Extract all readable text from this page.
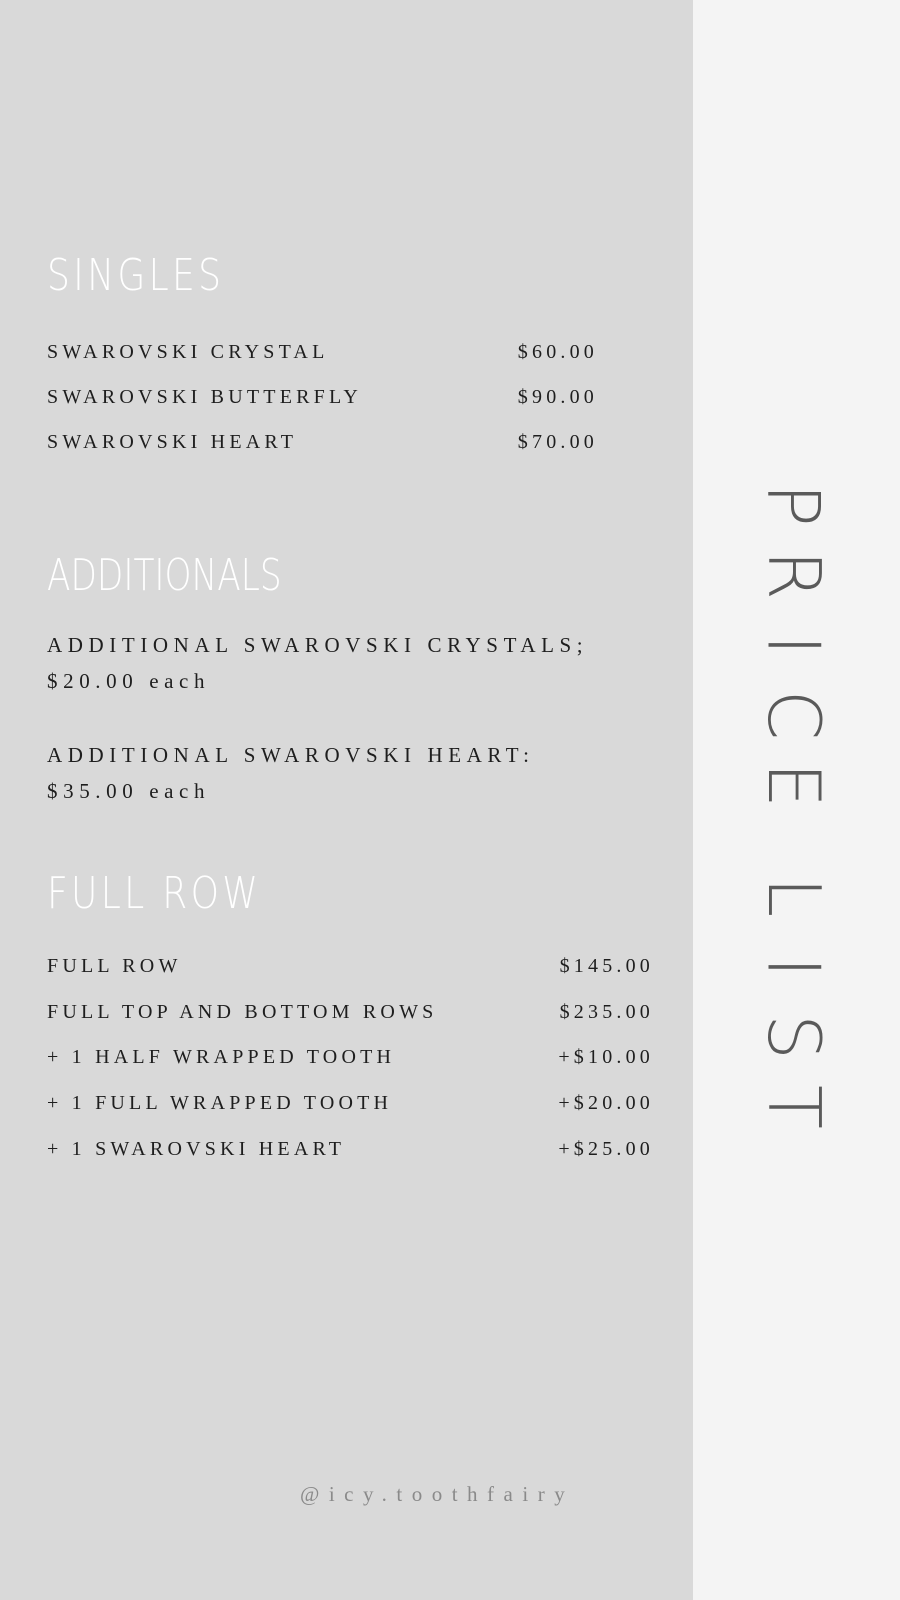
SINGLES
SWAROVSKI CRYSTAL	$60.00
SWAROVSKI BUTTERFLY	$90.00
SWAROVSKI HEART	$70.00
ADDITIONALS
ADDITIONAL SWAROVSKI CRYSTALS;
$20.00 each
ADDITIONAL SWAROVSKI HEART:
$35.00 each
FULL ROW
FULL ROW	$145.00
FULL TOP AND BOTTOM ROWS	$235.00
+ 1 HALF WRAPPED TOOTH	+$10.00
+ 1 FULL WRAPPED TOOTH	+$20.00
+ 1 SWAROVSKI HEART	+$25.00
@icy.toothfairy
P
R
I
C
E
L
I
S
T
